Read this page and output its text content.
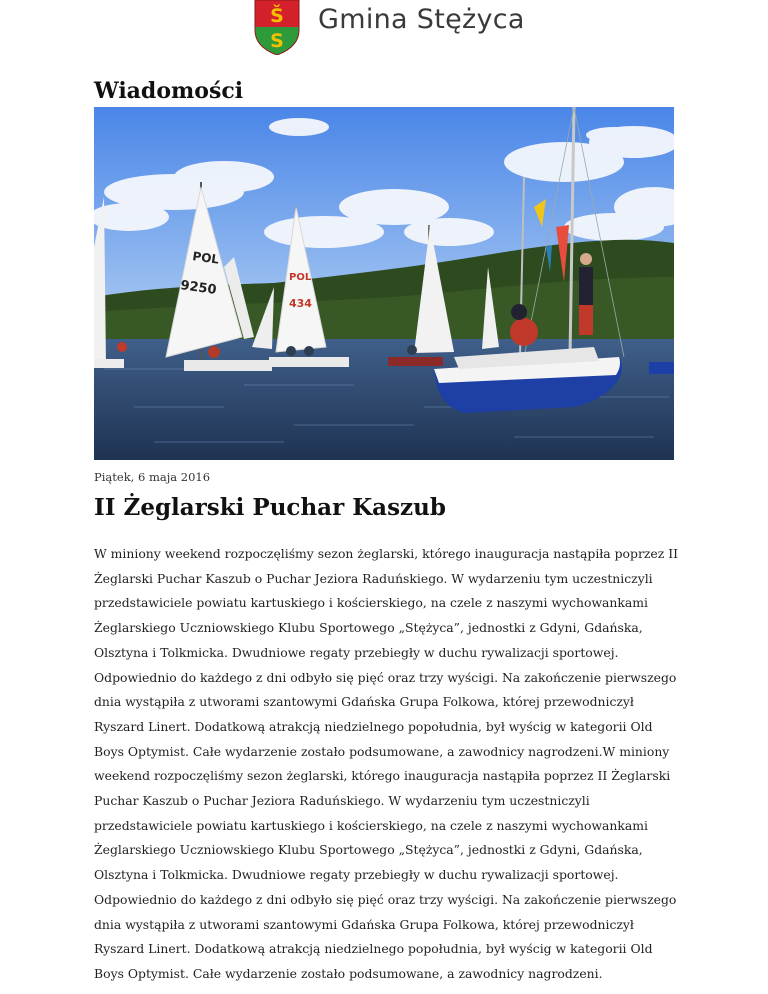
Š
S
Gmina Stężyca
Wiadomości
POL
9250
POL
434
Piątek, 6 maja 2016
II Żeglarski Puchar Kaszub
W miniony weekend rozpoczęliśmy sezon żeglarski, którego inauguracja nastąpiła poprzez II
Żeglarski Puchar Kaszub o Puchar Jeziora Raduńskiego. W wydarzeniu tym uczestniczyli
przedstawiciele powiatu kartuskiego i kościerskiego, na czele z naszymi wychowankami
Żeglarskiego Uczniowskiego Klubu Sportowego „Stężyca”, jednostki z Gdyni, Gdańska,
Olsztyna i Tolkmicka. Dwudniowe regaty przebiegły w duchu rywalizacji sportowej.
Odpowiednio do każdego z dni odbyło się pięć oraz trzy wyścigi. Na zakończenie pierwszego
dnia wystąpiła z utworami szantowymi Gdańska Grupa Folkowa, której przewodniczył
Ryszard Linert. Dodatkową atrakcją niedzielnego popołudnia, był wyścig w kategorii Old
Boys Optymist. Całe wydarzenie zostało podsumowane, a zawodnicy nagrodzeni.W miniony
weekend rozpoczęliśmy sezon żeglarski, którego inauguracja nastąpiła poprzez II Żeglarski
Puchar Kaszub o Puchar Jeziora Raduńskiego. W wydarzeniu tym uczestniczyli
przedstawiciele powiatu kartuskiego i kościerskiego, na czele z naszymi wychowankami
Żeglarskiego Uczniowskiego Klubu Sportowego „Stężyca”, jednostki z Gdyni, Gdańska,
Olsztyna i Tolkmicka. Dwudniowe regaty przebiegły w duchu rywalizacji sportowej.
Odpowiednio do każdego z dni odbyło się pięć oraz trzy wyścigi. Na zakończenie pierwszego
dnia wystąpiła z utworami szantowymi Gdańska Grupa Folkowa, której przewodniczył
Ryszard Linert. Dodatkową atrakcją niedzielnego popołudnia, był wyścig w kategorii Old
Boys Optymist. Całe wydarzenie zostało podsumowane, a zawodnicy nagrodzeni.
